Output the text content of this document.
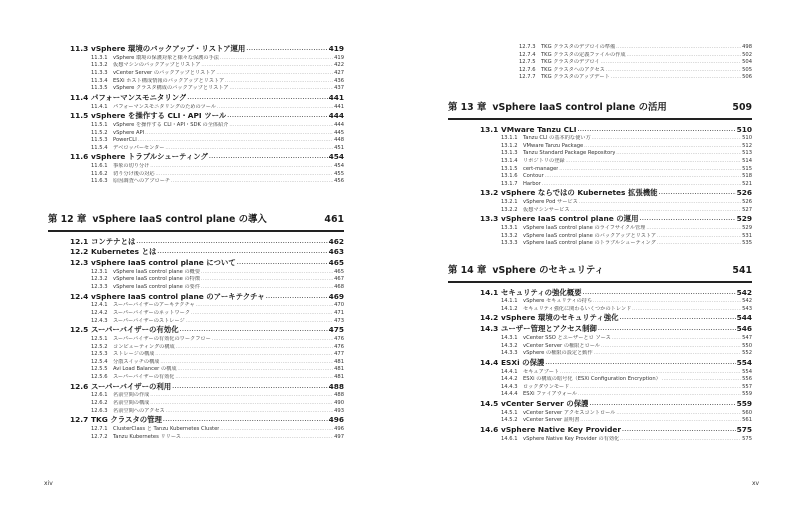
11.3 vSphere 環境のバックアップ・リストア運用 .....	419
11.3.1	vSphere 環境の保護対象と様々な保護の手法 .....	419
11.3.2	仮想マシンのバックアップとリストア .....	422
11.3.3	vCenter Server のバックアップとリストア .....	427
11.3.4	ESXi ホスト構成情報のバックアップとリストア .....	436
11.3.5	vSphere クラスタ構成のバックアップとリストア .....	437
11.4 パフォーマンスモニタリング .....	441
11.4.1	パフォーマンスモニタリングのためのツール .....	441
11.5 vSphere を操作する CLI・API ツール .....	444
11.5.1	vSphere を操作する CLI・API・SDK の全体紹介 .....	444
11.5.2	vSphere API .....	445
11.5.3	PowerCLI .....	448
11.5.4	デベロッパーセンター .....	451
11.6 vSphere トラブルシューティング .....	454
11.6.1	事象の切り分け .....	454
11.6.2	切り分け後の対応 .....	455
11.6.3	原因調査へのアプローチ .....	456
第 12 章 vSphere IaaS control plane の導入	461
12.1 コンテナとは .....	462
12.2 Kubernetes とは .....	463
12.3 vSphere IaaS control plane について .....	465
12.3.1	vSphere IaaS control plane の概要 .....	465
12.3.2	vSphere IaaS control plane の特徴 .....	467
12.3.3	vSphere IaaS control plane の要件 .....	468
12.4 vSphere IaaS control plane のアーキテクチャ .....	469
12.4.1	スーパーバイザーのアーキテクチャ .....	470
12.4.2	スーパーバイザーのネットワーク .....	471
12.4.3	スーパーバイザーのストレージ .....	473
12.5 スーパーバイザーの有効化 .....	475
12.5.1	スーパーバイザーの有効化のワークフロー .....	476
12.5.2	コンピューティングの構成 .....	476
12.5.3	ストレージの構成 .....	477
12.5.4	分散スイッチの構成 .....	481
12.5.5	Avi Load Balancer の構成 .....	481
12.5.6	スーパーバイザーの有効化 .....	481
12.6 スーパーバイザーの利用 .....	488
12.6.1	名前空間の作成 .....	488
12.6.2	名前空間の構成 .....	490
12.6.3	名前空間へのアクセス .....	493
12.7 TKG クラスタの管理 .....	496
12.7.1	ClusterClass と Tanzu Kubernetes Cluster .....	496
12.7.2	Tanzu Kubernetes リリース .....	497
xiv
12.7.3	TKG クラスタのデプロイの準備 .....	498
12.7.4	TKG クラスタの定義ファイルの作成 .....	502
12.7.5	TKG クラスタのデプロイ .....	504
12.7.6	TKG クラスタへのアクセス .....	505
12.7.7	TKG クラスタのアップデート .....	506
第 13 章 vSphere IaaS control plane の活用	509
13.1 VMware Tanzu CLI .....	510
13.1.1	Tanzu CLI の基本的な使い方 .....	510
13.1.2	VMware Tanzu Package .....	512
13.1.3	Tanzu Standard Package Repository .....	513
13.1.4	リポジトリの登録 .....	514
13.1.5	cert-manager .....	515
13.1.6	Contour .....	518
13.1.7	Harbor .....	521
13.2 vSphere ならではの Kubernetes 拡張機能 .....	526
13.2.1	vSphere Pod サービス .....	526
13.2.2	仮想マシンサービス .....	527
13.3 vSphere IaaS control plane の運用 .....	529
13.3.1	vSphere IaaS control plane のライフサイクル管理 .....	529
13.3.2	vSphere IaaS control plane のバックアップとリストア .....	531
13.3.3	vSphere IaaS control plane のトラブルシューティング .....	535
第 14 章 vSphere のセキュリティ	541
14.1 セキュリティの強化概要 .....	542
14.1.1	vSphere セキュリティの持ち .....	542
14.1.2	セキュリティ強化に関わるいくつかのトレンド .....	543
14.2 vSphere 環境のセキュリティ強化 .....	544
14.3 ユーザー管理とアクセス制御 .....	546
14.3.1	vCenter SSO とユーザーとロ ソース .....	547
14.3.2	vCenter Server の権限とロール .....	550
14.3.3	vSphere の権限の設定と動作 .....	552
14.4 ESXi の保護 .....	554
14.4.1	セキュアブート .....	554
14.4.2	ESXi の構成の暗号化（ESXi Configuration Encryption） .....	556
14.4.3	ロックダウンモード .....	557
14.4.4	ESXi ファイアウォール .....	559
14.5 vCenter Server の保護 .....	559
14.5.1	vCenter Server アクセスコントロール .....	560
14.5.2	vCenter Server 証明書 .....	561
14.6 vSphere Native Key Provider .....	575
14.6.1	vSphere Native Key Provider の有効化 .....	575
xv
